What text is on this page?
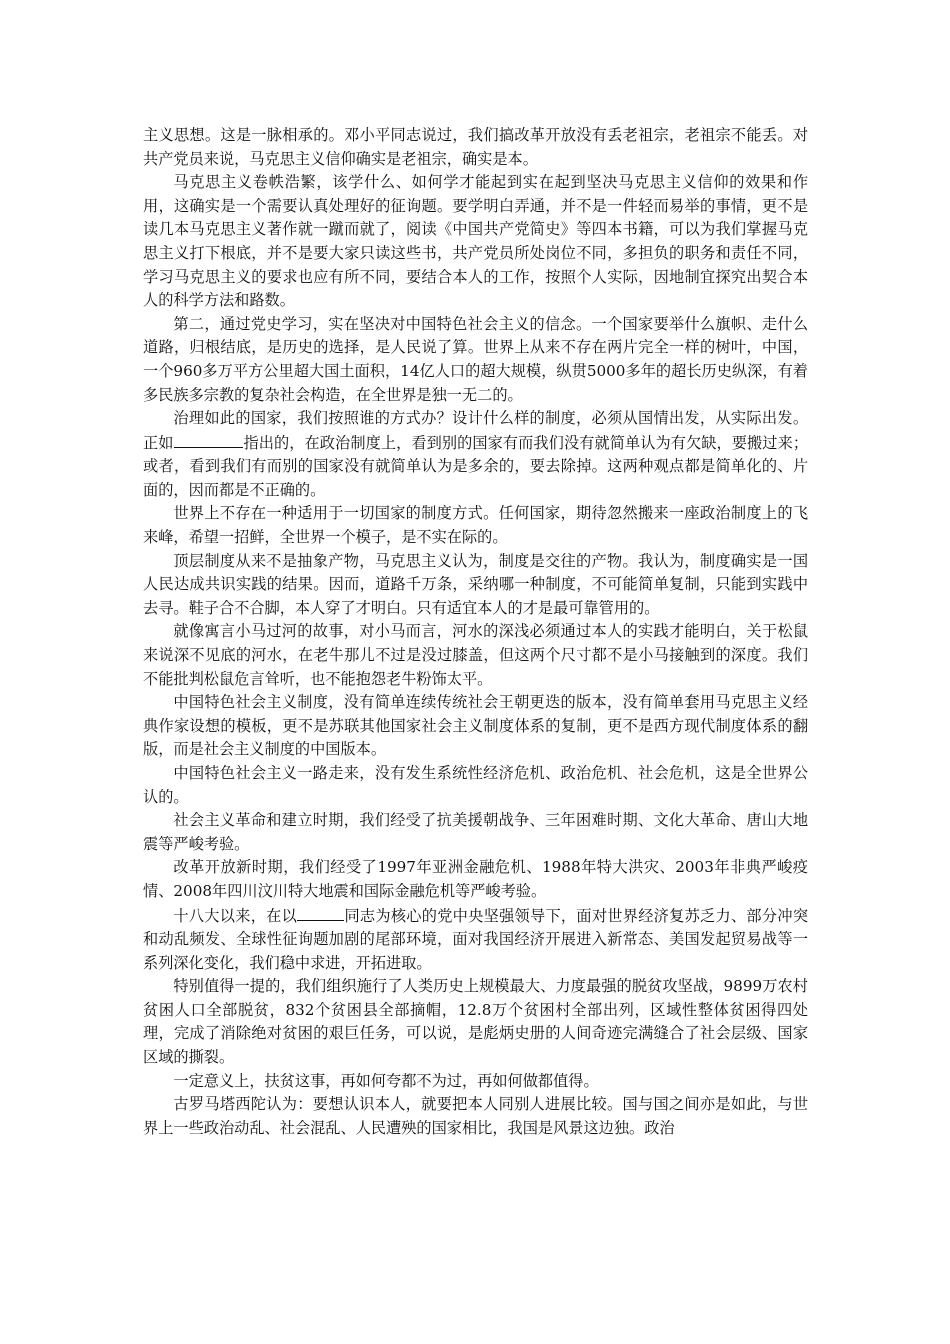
主义思想。这是一脉相承的。邓小平同志说过，我们搞改革开放没有丢老祖宗，老祖宗不能丢。对共产党员来说，马克思主义信仰确实是老祖宗，确实是本。

马克思主义卷帙浩繁，该学什么、如何学才能起到实在起到坚决马克思主义信仰的效果和作用，这确实是一个需要认真处理好的征询题。要学明白弄通，并不是一件轻而易举的事情，更不是读几本马克思主义著作就一蹴而就了，阅读《中国共产党简史》等四本书籍，可以为我们掌握马克思主义打下根底，并不是要大家只读这些书，共产党员所处岗位不同，多担负的职务和责任不同，学习马克思主义的要求也应有所不同，要结合本人的工作，按照个人实际，因地制宜探究出契合本人的科学方法和路数。

第二，通过党史学习，实在坚决对中国特色社会主义的信念。一个国家要举什么旗帜、走什么道路，归根结底，是历史的选择，是人民说了算。世界上从来不存在两片完全一样的树叶，中国，一个960多万平方公里超大国土面积，14亿人口的超大规模，纵贯5000多年的超长历史纵深，有着多民族多宗教的复杂社会构造，在全世界是独一无二的。

治理如此的国家，我们按照谁的方式办？设计什么样的制度，必须从国情出发，从实际出发。正如	指出的，在政治制度上，看到别的国家有而我们没有就简单认为有欠缺，要搬过来；或者，看到我们有而别的国家没有就简单认为是多余的，要去除掉。这两种观点都是简单化的、片面的，因而都是不正确的。

世界上不存在一种适用于一切国家的制度方式。任何国家，期待忽然搬来一座政治制度上的飞来峰，希望一招鲜，全世界一个模子，是不实在际的。

顶层制度从来不是抽象产物，马克思主义认为，制度是交往的产物。我认为，制度确实是一国人民达成共识实践的结果。因而，道路千万条，采纳哪一种制度，不可能简单复制，只能到实践中去寻。鞋子合不合脚，本人穿了才明白。只有适宜本人的才是最可靠管用的。

就像寓言小马过河的故事，对小马而言，河水的深浅必须通过本人的实践才能明白，关于松鼠来说深不见底的河水，在老牛那儿不过是没过膝盖，但这两个尺寸都不是小马接触到的深度。我们不能批判松鼠危言耸听，也不能抱怨老牛粉饰太平。

中国特色社会主义制度，没有简单连续传统社会王朝更迭的版本，没有简单套用马克思主义经典作家设想的模板，更不是苏联其他国家社会主义制度体系的复制，更不是西方现代制度体系的翻版，而是社会主义制度的中国版本。

中国特色社会主义一路走来，没有发生系统性经济危机、政治危机、社会危机，这是全世界公认的。

社会主义革命和建立时期，我们经受了抗美援朝战争、三年困难时期、文化大革命、唐山大地震等严峻考验。

改革开放新时期，我们经受了1997年亚洲金融危机、1988年特大洪灾、2003年非典严峻疫情、2008年四川汶川特大地震和国际金融危机等严峻考验。

十八大以来，在以	同志为核心的党中央坚强领导下，面对世界经济复苏乏力、部分冲突和动乱频发、全球性征询题加剧的尾部环境，面对我国经济开展进入新常态、美国发起贸易战等一系列深化变化，我们稳中求进，开拓进取。

特别值得一提的，我们组织施行了人类历史上规模最大、力度最强的脱贫攻坚战，9899万农村贫困人口全部脱贫，832个贫困县全部摘帽，12.8万个贫困村全部出列，区域性整体贫困得四处理，完成了消除绝对贫困的艰巨任务，可以说，是彪炳史册的人间奇迹完满缝合了社会层级、国家区域的撕裂。

一定意义上，扶贫这事，再如何夸都不为过，再如何做都值得。

古罗马塔西陀认为：要想认识本人，就要把本人同别人进展比较。国与国之间亦是如此，与世界上一些政治动乱、社会混乱、人民遭殃的国家相比，我国是风景这边独。政治
